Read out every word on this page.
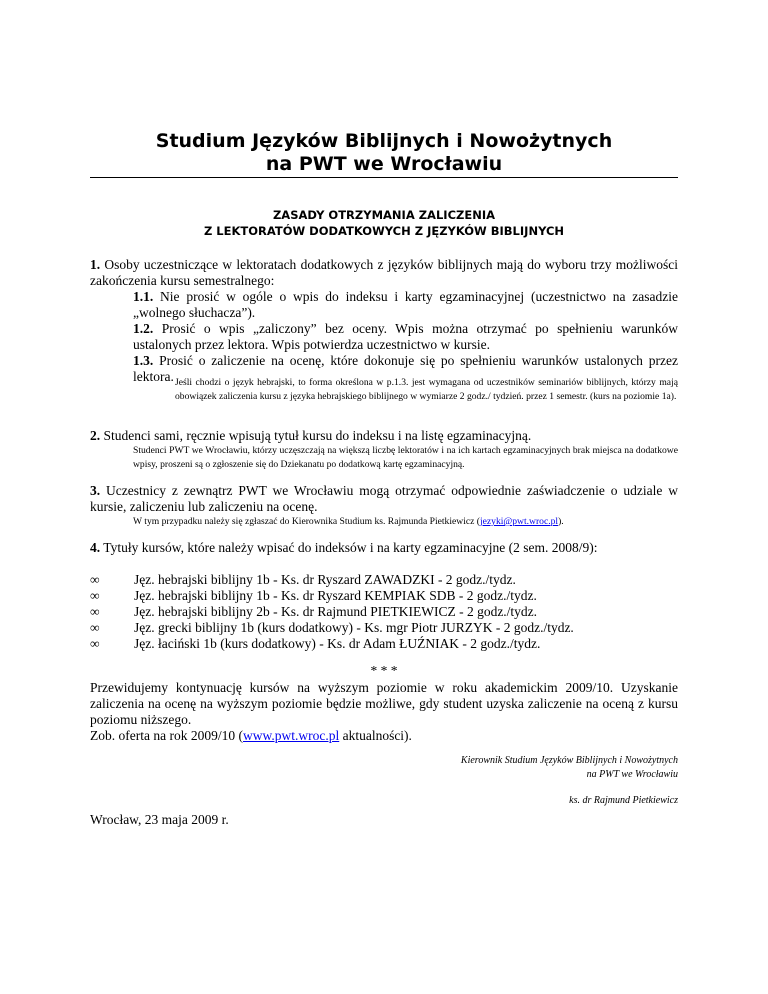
Studium Języków Biblijnych i Nowożytnych
na PWT we Wrocławiu
ZASADY OTRZYMANIA ZALICZENIA
Z LEKTORATÓW DODATKOWYCH Z JĘZYKÓW BIBLIJNYCH
1. Osoby uczestniczące w lektoratach dodatkowych z języków biblijnych mają do wyboru trzy możliwości zakończenia kursu semestralnego:
1.1. Nie prosić w ogóle o wpis do indeksu i karty egzaminacyjnej (uczestnictwo na zasadzie „wolnego słuchacza”).
1.2. Prosić o wpis „zaliczony” bez oceny. Wpis można otrzymać po spełnieniu warunków ustalonych przez lektora. Wpis potwierdza uczestnictwo w kursie.
1.3. Prosić o zaliczenie na ocenę, które dokonuje się po spełnieniu warunków ustalonych przez lektora. Jeśli chodzi o język hebrajski, to forma określona w p.1.3. jest wymagana od uczestników seminariów biblijnych, którzy mają obowiązek zaliczenia kursu z języka hebrajskiego biblijnego w wymiarze 2 godz./ tydzień. przez 1 semestr. (kurs na poziomie 1a).
2. Studenci sami, ręcznie wpisują tytuł kursu do indeksu i na listę egzaminacyjną.
Studenci PWT we Wrocławiu, którzy uczęszczają na większą liczbę lektoratów i na ich kartach egzaminacyjnych brak miejsca na dodatkowe wpisy, proszeni są o zgłoszenie się do Dziekanatu po dodatkową kartę egzaminacyjną.
3. Uczestnicy z zewnątrz PWT we Wrocławiu mogą otrzymać odpowiednie zaświadczenie o udziale w kursie, zaliczeniu lub zaliczeniu na ocenę.
W tym przypadku należy się zgłaszać do Kierownika Studium ks. Rajmunda Pietkiewicz (jezyki@pwt.wroc.pl).
4. Tytuły kursów, które należy wpisać do indeksów i na karty egzaminacyjne (2 sem. 2008/9):
∞	Jęz. hebrajski biblijny 1b - Ks. dr Ryszard ZAWADZKI - 2 godz./tydz.
∞	Jęz. hebrajski biblijny 1b - Ks. dr Ryszard KEMPIAK SDB - 2 godz./tydz.
∞	Jęz. hebrajski biblijny 2b - Ks. dr Rajmund PIETKIEWICZ - 2 godz./tydz.
∞	Jęz. grecki biblijny 1b (kurs dodatkowy) - Ks. mgr Piotr JURZYK - 2 godz./tydz.
∞	Jęz. łaciński 1b (kurs dodatkowy) - Ks. dr Adam ŁUŹNIAK - 2 godz./tydz.
* * *
Przewidujemy kontynuację kursów na wyższym poziomie w roku akademickim 2009/10. Uzyskanie zaliczenia na ocenę na wyższym poziomie będzie możliwe, gdy student uzyska zaliczenie na oceną z kursu poziomu niższego.
Zob. oferta na rok 2009/10 (www.pwt.wroc.pl aktualności).
Kierownik Studium Języków Biblijnych i Nowożytnych
na PWT we Wrocławiu
ks. dr Rajmund Pietkiewicz
Wrocław, 23 maja 2009 r.
